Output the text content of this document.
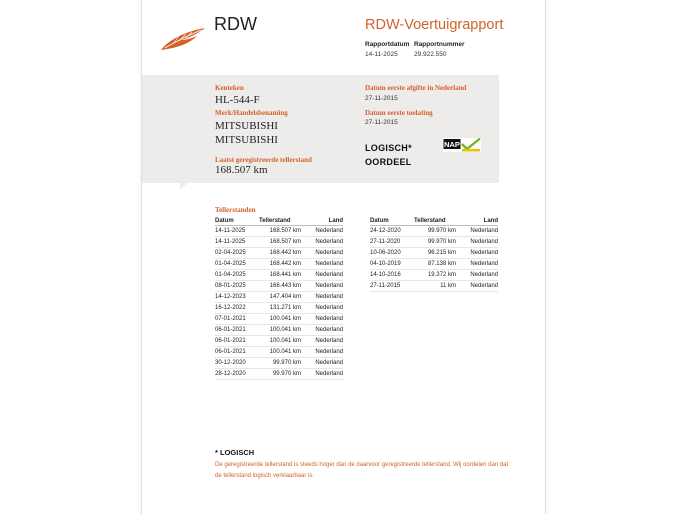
RDW	RDW-Voertuigrapport
Rapportdatum Rapportnummer
14-11-2025 29.922.550
Kenteken
HL-544-F
Merk/Handelsbenaming
MITSUBISHI
MITSUBISHI
Laatst geregistreerde tellerstand
168.507 km
Datum eerste afgifte in Nederland
27-11-2015
Datum eerste toelating
27-11-2015
LOGISCH*
OORDEEL
NAP
Tellerstanden
Datum	Tellerstand	Land
14-11-2025	168.507 km	Nederland
14-11-2025	168.507 km	Nederland
02-04-2025	168.442 km	Nederland
01-04-2025	168.442 km	Nederland
01-04-2025	168.441 km	Nederland
08-01-2025	166.443 km	Nederland
14-12-2023	147.404 km	Nederland
16-12-2022	131.271 km	Nederland
07-01-2021	100.041 km	Nederland
06-01-2021	100.041 km	Nederland
06-01-2021	100.041 km	Nederland
06-01-2021	100.041 km	Nederland
30-12-2020	99.970 km	Nederland
28-12-2020	99.970 km	Nederland
Datum	Tellerstand	Land
24-12-2020	99.970 km	Nederland
27-11-2020	99.970 km	Nederland
10-06-2020	96.215 km	Nederland
04-10-2019	87.138 km	Nederland
14-10-2016	19.372 km	Nederland
27-11-2015	11 km	Nederland
* LOGISCH
De geregistreerde tellerstand is steeds hoger dan de daarvoor geregistreerde tellerstand. Wij oordelen dan dat de tellerstand logisch verklaarbaar is.
